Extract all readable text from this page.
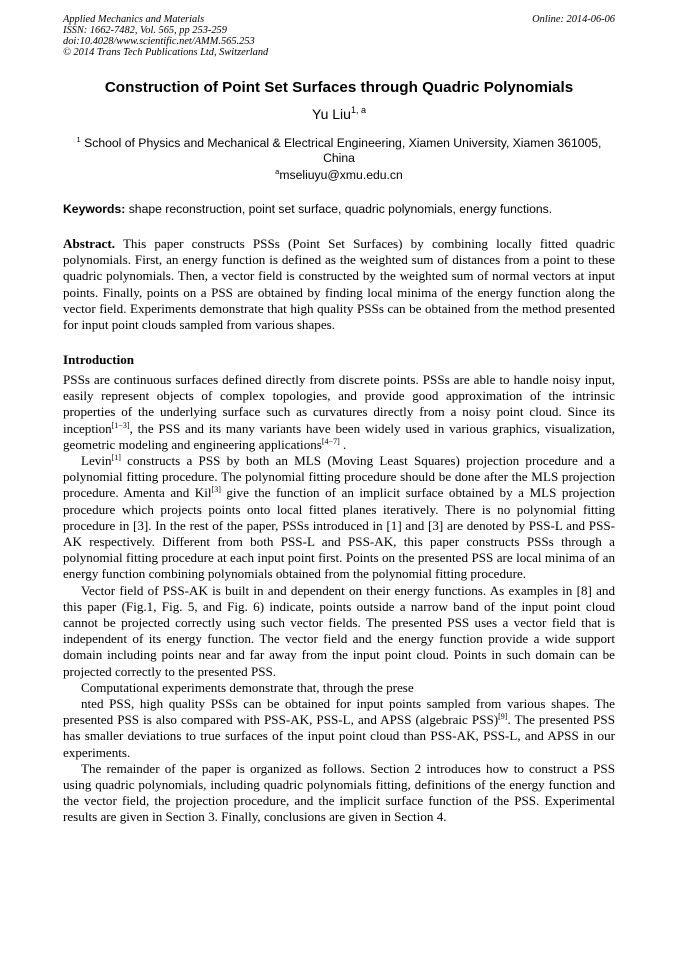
Applied Mechanics and Materials
ISSN: 1662-7482, Vol. 565, pp 253-259
doi:10.4028/www.scientific.net/AMM.565.253
© 2014 Trans Tech Publications Ltd, Switzerland
Online: 2014-06-06
Construction of Point Set Surfaces through Quadric Polynomials
Yu Liu$^{1, a}$
$^1$ School of Physics and Mechanical & Electrical Engineering, Xiamen University, Xiamen 361005, China
$^a$mseliuyu@xmu.edu.cn
Keywords: shape reconstruction, point set surface, quadric polynomials, energy functions.
Abstract. This paper constructs PSSs (Point Set Surfaces) by combining locally fitted quadric polynomials. First, an energy function is defined as the weighted sum of distances from a point to these quadric polynomials. Then, a vector field is constructed by the weighted sum of normal vectors at input points. Finally, points on a PSS are obtained by finding local minima of the energy function along the vector field. Experiments demonstrate that high quality PSSs can be obtained from the method presented for input point clouds sampled from various shapes.
Introduction

PSSs are continuous surfaces defined directly from discrete points. PSSs are able to handle noisy input, easily represent objects of complex topologies, and provide good approximation of the intrinsic properties of the underlying surface such as curvatures directly from a noisy point cloud. Since its inception[1−3], the PSS and its many variants have been widely used in various graphics, visualization, geometric modeling and engineering applications[4−7] .

Levin[1] constructs a PSS by both an MLS (Moving Least Squares) projection procedure and a polynomial fitting procedure. The polynomial fitting procedure should be done after the MLS projection procedure. Amenta and Kil[3] give the function of an implicit surface obtained by a MLS projection procedure which projects points onto local fitted planes iteratively. There is no polynomial fitting procedure in [3]. In the rest of the paper, PSSs introduced in [1] and [3] are denoted by PSS-L and PSS-AK respectively. Different from both PSS-L and PSS-AK, this paper constructs PSSs through a polynomial fitting procedure at each input point first. Points on the presented PSS are local minima of an energy function combining polynomials obtained from the polynomial fitting procedure.

Vector field of PSS-AK is built in and dependent on their energy functions. As examples in [8] and this paper (Fig.1, Fig. 5, and Fig. 6) indicate, points outside a narrow band of the input point cloud cannot be projected correctly using such vector fields. The presented PSS uses a vector field that is independent of its energy function. The vector field and the energy function provide a wide support domain including points near and far away from the input point cloud. Points in such domain can be projected correctly to the presented PSS.

Computational experiments demonstrate that, through the prese

nted PSS, high quality PSSs can be obtained for input points sampled from various shapes. The presented PSS is also compared with PSS-AK, PSS-L, and APSS (algebraic PSS)[9]. The presented PSS has smaller deviations to true surfaces of the input point cloud than PSS-AK, PSS-L, and APSS in our experiments.

The remainder of the paper is organized as follows. Section 2 introduces how to construct a PSS using quadric polynomials, including quadric polynomials fitting, definitions of the energy function and the vector field, the projection procedure, and the implicit surface function of the PSS. Experimental results are given in Section 3. Finally, conclusions are given in Section 4.
